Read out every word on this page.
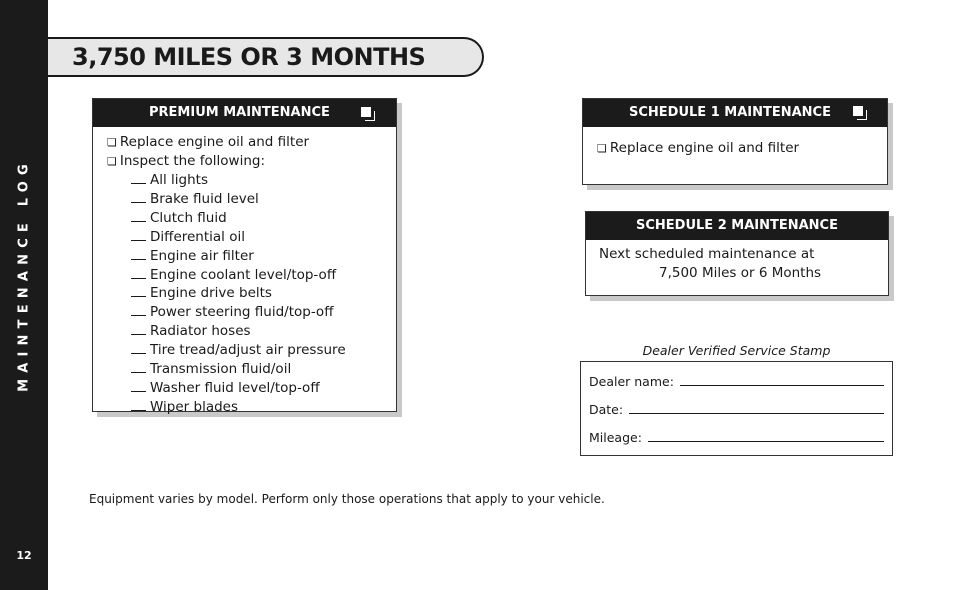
MAINTENANCE LOG
12
3,750 MILES OR 3 MONTHS
PREMIUM MAINTENANCE
❏ Replace engine oil and filter
❏ Inspect the following:
All lights
Brake fluid level
Clutch fluid
Differential oil
Engine air filter
Engine coolant level/top-off
Engine drive belts
Power steering fluid/top-off
Radiator hoses
Tire tread/adjust air pressure
Transmission fluid/oil
Washer fluid level/top-off
Wiper blades
SCHEDULE 1 MAINTENANCE
❏ Replace engine oil and filter
SCHEDULE 2 MAINTENANCE
Next scheduled maintenance at
7,500 Miles or 6 Months
Dealer Verified Service Stamp
Dealer name:
Date:
Mileage:
Equipment varies by model. Perform only those operations that apply to your vehicle.
